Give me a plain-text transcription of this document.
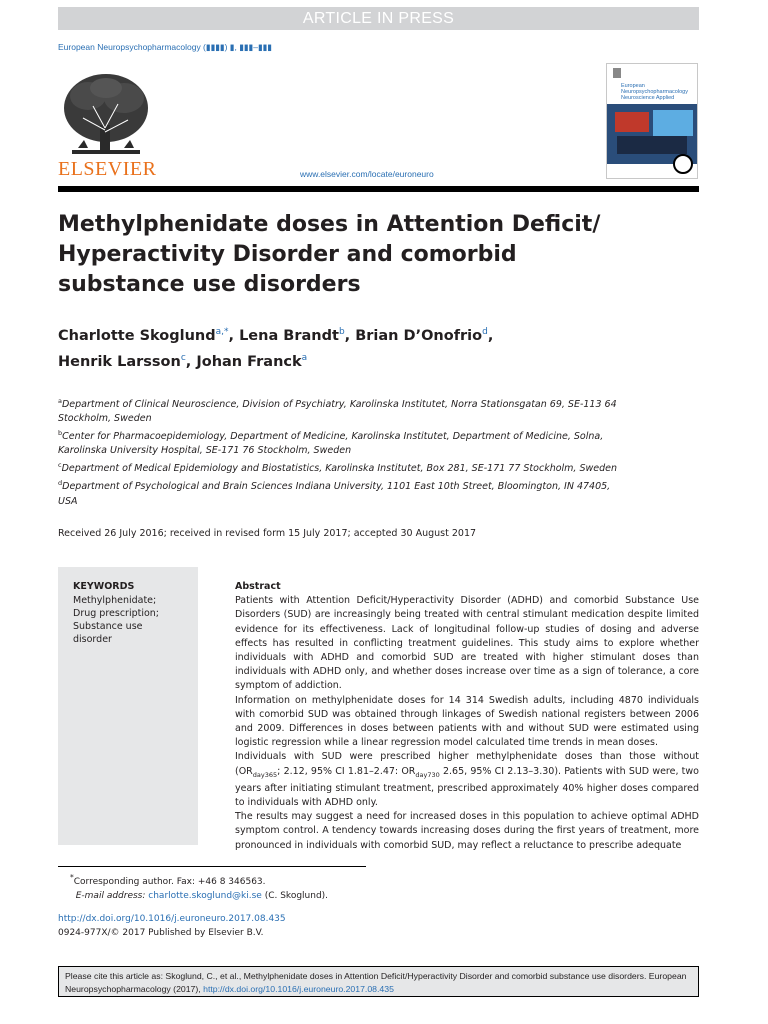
ARTICLE IN PRESS
European Neuropsychopharmacology (▮▮▮▮) ▮, ▮▮▮–▮▮▮
ELSEVIER	www.elsevier.com/locate/euroneuro
European
Neuropsychopharmacology
Neuroscience Applied
Methylphenidate doses in Attention Deficit/
Hyperactivity Disorder and comorbid
substance use disorders
Charlotte Skoglund$^{a,*}$, Lena Brandt$^b$, Brian D’Onofrio$^d$,
Henrik Larsson$^c$, Johan Franck$^a$
$^a$Department of Clinical Neuroscience, Division of Psychiatry, Karolinska Institutet, Norra Stationsgatan 69, SE-113 64 Stockholm, Sweden
$^b$Center for Pharmacoepidemiology, Department of Medicine, Karolinska Institutet, Department of Medicine, Solna, Karolinska University Hospital, SE-171 76 Stockholm, Sweden
$^c$Department of Medical Epidemiology and Biostatistics, Karolinska Institutet, Box 281, SE-171 77 Stockholm, Sweden
$^d$Department of Psychological and Brain Sciences Indiana University, 1101 East 10th Street, Bloomington, IN 47405, USA
Received 26 July 2016; received in revised form 15 July 2017; accepted 30 August 2017
KEYWORDS
Methylphenidate;
Drug prescription;
Substance use
disorder
Abstract

Patients with Attention Deficit/Hyperactivity Disorder (ADHD) and comorbid Substance Use Disorders (SUD) are increasingly being treated with central stimulant medication despite limited evidence for its effectiveness. Lack of longitudinal follow-up studies of dosing and adverse effects has resulted in conflicting treatment guidelines. This study aims to explore whether individuals with ADHD and comorbid SUD are treated with higher stimulant doses than individuals with ADHD only, and whether doses increase over time as a sign of tolerance, a core symptom of addiction.

Information on methylphenidate doses for 14 314 Swedish adults, including 4870 individuals with comorbid SUD was obtained through linkages of Swedish national registers between 2006 and 2009. Differences in doses between patients with and without SUD were estimated using logistic regression while a linear regression model calculated time trends in mean doses.

Individuals with SUD were prescribed higher methylphenidate doses than those without ($OR_{day365}$; 2.12, 95% CI 1.81–2.47: $OR_{day730}$ 2.65, 95% CI 2.13–3.30). Patients with SUD were, two years after initiating stimulant treatment, prescribed approximately 40% higher doses compared to individuals with ADHD only.

The results may suggest a need for increased doses in this population to achieve optimal ADHD symptom control. A tendency towards increasing doses during the first years of treatment, more pronounced in individuals with comorbid SUD, may reflect a reluctance to prescribe adequate

*Corresponding author. Fax: +46 8 346563.
E-mail address: charlotte.skoglund@ki.se (C. Skoglund).
http://dx.doi.org/10.1016/j.euroneuro.2017.08.435
0924-977X/© 2017 Published by Elsevier B.V.
Please cite this article as: Skoglund, C., et al., Methylphenidate doses in Attention Deficit/Hyperactivity Disorder and comorbid substance use disorders. European Neuropsychopharmacology (2017), http://dx.doi.org/10.1016/j.euroneuro.2017.08.435
